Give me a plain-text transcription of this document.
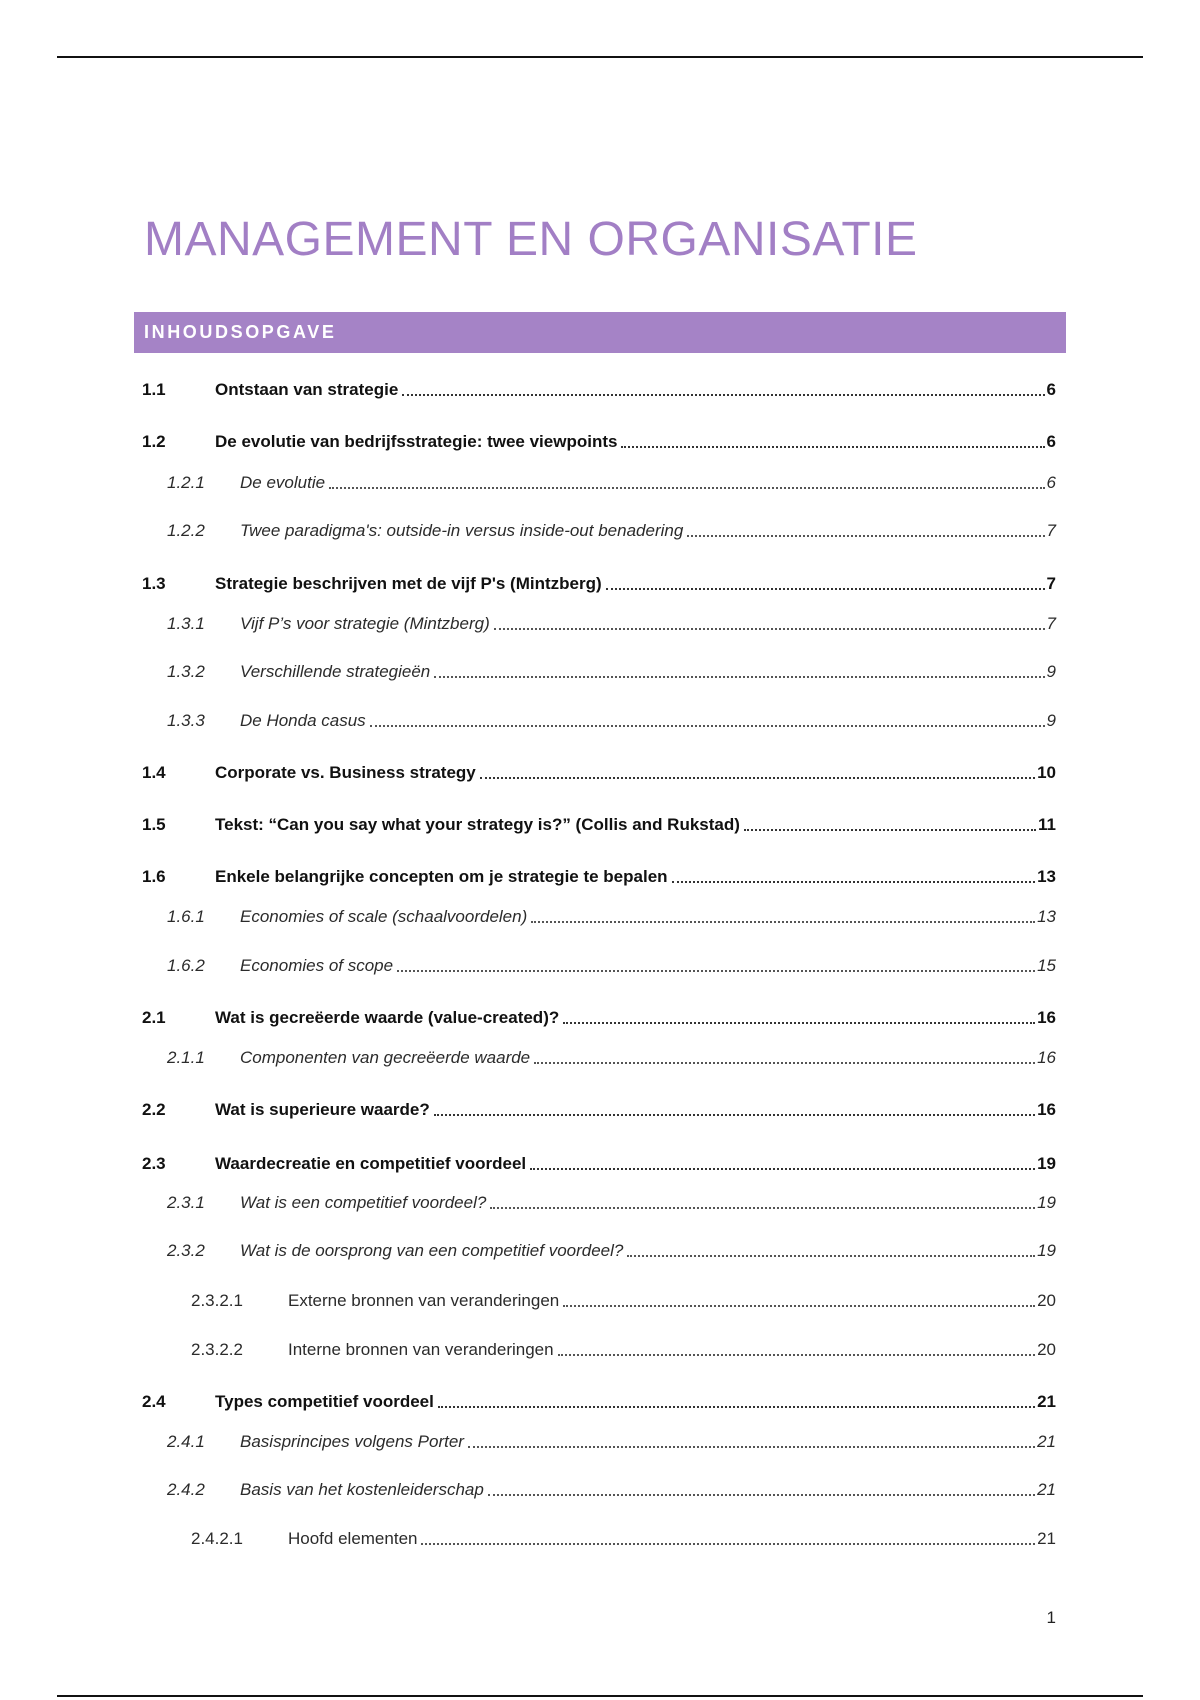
MANAGEMENT EN ORGANISATIE
INHOUDSOPGAVE
1.1	Ontstaan van strategie	6
1.2	De evolutie van bedrijfsstrategie: twee viewpoints	6
1.2.1	De evolutie	6
1.2.2	Twee paradigma's: outside-in versus inside-out benadering	7
1.3	Strategie beschrijven met de vijf P's (Mintzberg)	7
1.3.1	Vijf P’s voor strategie (Mintzberg)	7
1.3.2	Verschillende strategieën	9
1.3.3	De Honda casus	9
1.4	Corporate vs. Business strategy	10
1.5	Tekst: “Can you say what your strategy is?” (Collis and Rukstad)	11
1.6	Enkele belangrijke concepten om je strategie te bepalen	13
1.6.1	Economies of scale (schaalvoordelen)	13
1.6.2	Economies of scope	15
2.1	Wat is gecreëerde waarde (value-created)?	16
2.1.1	Componenten van gecreëerde waarde	16
2.2	Wat is superieure waarde?	16
2.3	Waardecreatie en competitief voordeel	19
2.3.1	Wat is een competitief voordeel?	19
2.3.2	Wat is de oorsprong van een competitief voordeel?	19
2.3.2.1	Externe bronnen van veranderingen	20
2.3.2.2	Interne bronnen van veranderingen	20
2.4	Types competitief voordeel	21
2.4.1	Basisprincipes volgens Porter	21
2.4.2	Basis van het kostenleiderschap	21
2.4.2.1	Hoofd elementen	21
1
